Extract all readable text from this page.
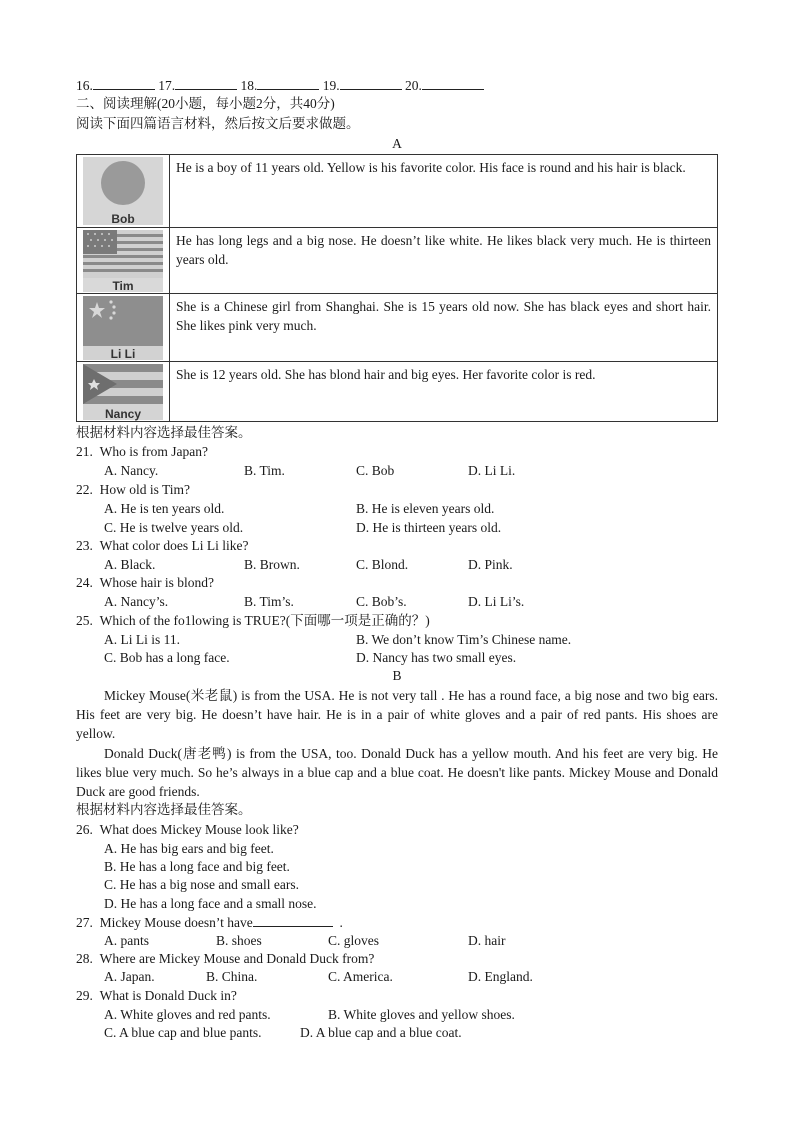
16.	17.	18.	19.	20.
二、阅读理解(20小题，每小题2分，共40分)
阅读下面四篇语言材料，然后按文后要求做题。
A
Bob	He is a boy of 11 years old. Yellow is his favorite color. His face is round and his hair is black.

Tim	He has long legs and a big nose. He doesn’t like white. He likes black very much. He is thirteen years old.

Li Li	She is a Chinese girl from Shanghai. She is 15 years old now. She has black eyes and short hair. She likes pink very much.

Nancy	She is 12 years old. She has blond hair and big eyes. Her favorite color is red.
根据材料内容选择最佳答案。
21. Who is from Japan?
A. Nancy.	B. Tim.	C. Bob	D. Li Li.
22. How old is Tim?
A. He is ten years old.	B. He is eleven years old.
C. He is twelve years old.	D. He is thirteen years old.
23. What color does Li Li like?
A. Black.	B. Brown.	C. Blond.	D. Pink.
24. Whose hair is blond?
A. Nancy’s.	B. Tim’s.	C. Bob’s.	D. Li Li’s.
25. Which of the fo1lowing is TRUE?(下面哪一项是正确的？)
A. Li Li is 11.	B. We don’t know Tim’s Chinese name.
C. Bob has a long face.	D. Nancy has two small eyes.
B
Mickey Mouse(米老鼠) is from the USA. He is not very tall . He has a round face, a big nose and two big ears. His feet are very big. He doesn’t have hair. He is in a pair of white gloves and a pair of red pants. His shoes are yellow.
Donald Duck(唐老鸭) is from the USA, too. Donald Duck has a yellow mouth. And his feet are very big. He likes blue very much. So he’s always in a blue cap and a blue coat. He doesn't like pants. Mickey Mouse and Donald Duck are good friends.
根据材料内容选择最佳答案。
26. What does Mickey Mouse look like?
A. He has big ears and big feet.
B. He has a long face and big feet.
C. He has a big nose and small ears.
D. He has a long face and a small nose.
27. Mickey Mouse doesn’t have	.
A. pants	B. shoes	C. gloves	D. hair
28. Where are Mickey Mouse and Donald Duck from?
A. Japan.	B. China.	C. America.	D. England.
29. What is Donald Duck in?
A. White gloves and red pants.	B. White gloves and yellow shoes.
C. A blue cap and blue pants.	D. A blue cap and a blue coat.
